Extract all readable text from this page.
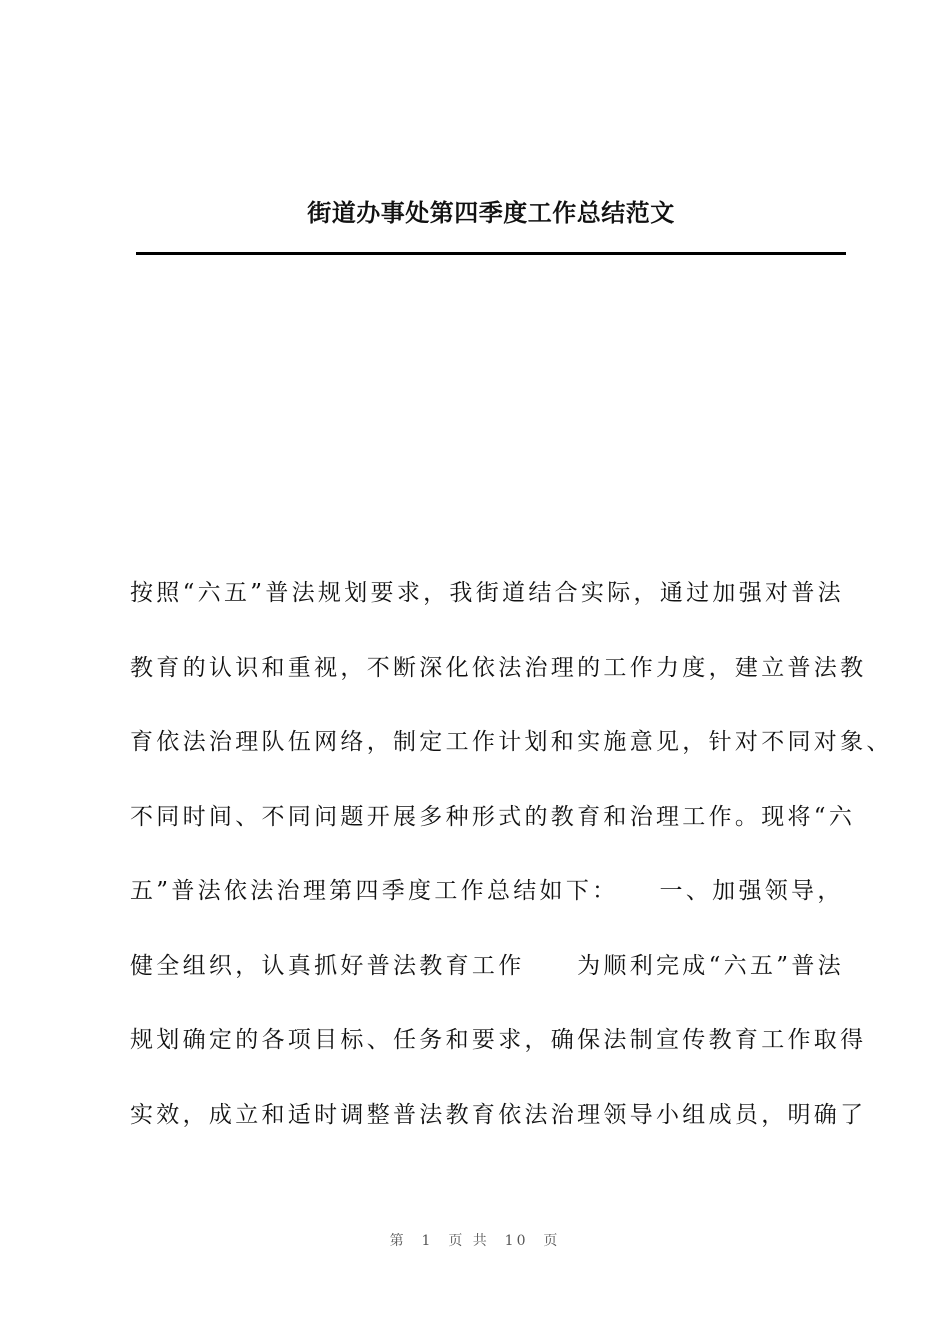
街道办事处第四季度工作总结范文
按照“六五”普法规划要求，我街道结合实际，通过加强对普法
教育的认识和重视，不断深化依法治理的工作力度，建立普法教
育依法治理队伍网络，制定工作计划和实施意见，针对不同对象、
不同时间、不同问题开展多种形式的教育和治理工作。现将“六
五”普法依法治理第四季度工作总结如下：　　一、加强领导，
健全组织，认真抓好普法教育工作　　为顺利完成“六五”普法
规划确定的各项目标、任务和要求，确保法制宣传教育工作取得
实效，成立和适时调整普法教育依法治理领导小组成员，明确了
第  1  页 共  10  页
